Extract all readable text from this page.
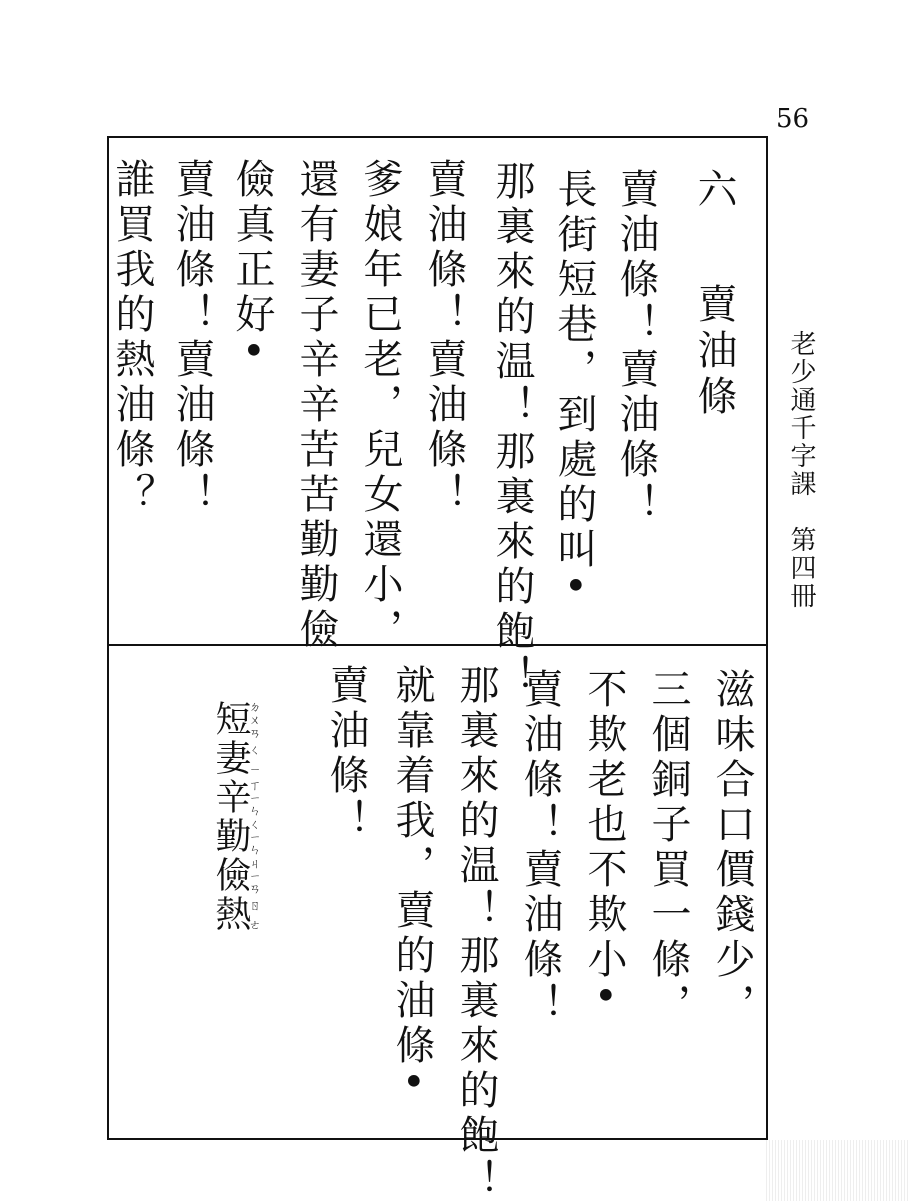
56
老少通千字課　第四冊
六 賣油條
賣油條！賣油條！
長街短巷，到處的叫•
那裏來的温！那裏來的飽！
賣油條！賣油條！
爹娘年已老，兒女還小，
還有妻子辛辛苦苦勤勤儉
儉真正好•
賣油條！賣油條！
誰買我的熱油條？
滋味合口價錢少，
三個銅子買一條，
不欺老也不欺小•
賣油條！賣油條！
那裏來的温！那裏來的飽！
就靠着我，賣的油條•
賣油條！
短ㄉㄨㄢ妻ㄑㄧ辛ㄒㄧㄣ勤ㄑㄧㄣ儉ㄐㄧㄢ熱ㄖㄜ
